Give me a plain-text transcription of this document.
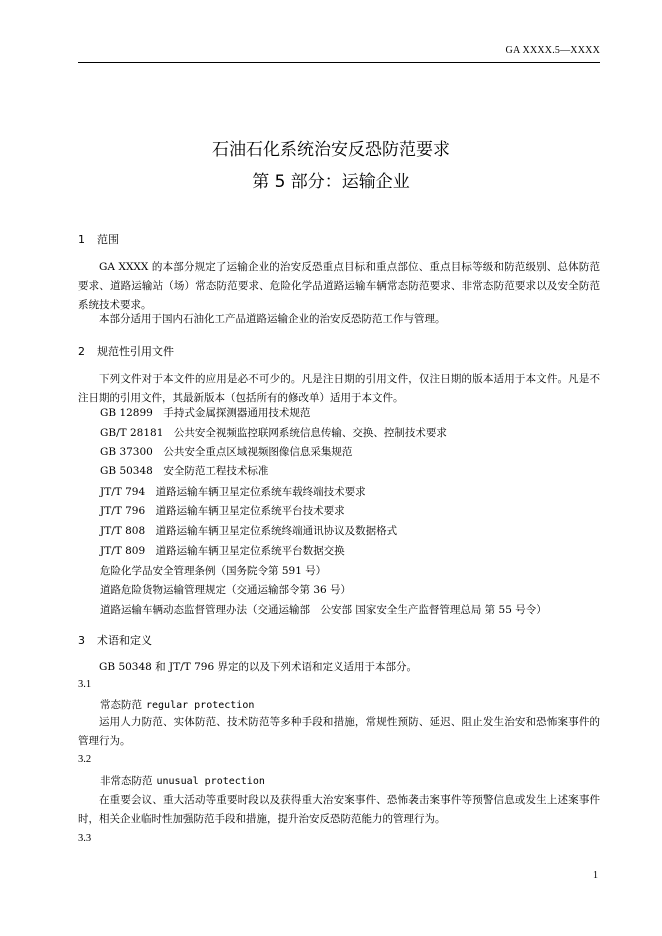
GA XXXX.5—XXXX
石油石化系统治安反恐防范要求
第 5 部分：运输企业
1 范围
GA XXXX 的本部分规定了运输企业的治安反恐重点目标和重点部位、重点目标等级和防范级别、总体防范要求、道路运输站（场）常态防范要求、危险化学品道路运输车辆常态防范要求、非常态防范要求以及安全防范系统技术要求。
本部分适用于国内石油化工产品道路运输企业的治安反恐防范工作与管理。
2 规范性引用文件
下列文件对于本文件的应用是必不可少的。凡是注日期的引用文件，仅注日期的版本适用于本文件。凡是不注日期的引用文件，其最新版本（包括所有的修改单）适用于本文件。
GB 12899　手持式金属探测器通用技术规范
GB/T 28181　公共安全视频监控联网系统信息传输、交换、控制技术要求
GB 37300　公共安全重点区域视频图像信息采集规范
GB 50348　安全防范工程技术标准
JT/T 794　道路运输车辆卫星定位系统车载终端技术要求
JT/T 796　道路运输车辆卫星定位系统平台技术要求
JT/T 808　道路运输车辆卫星定位系统终端通讯协议及数据格式
JT/T 809　道路运输车辆卫星定位系统平台数据交换
危险化学品安全管理条例（国务院令第 591 号）
道路危险货物运输管理规定（交通运输部令第 36 号）
道路运输车辆动态监督管理办法（交通运输部　公安部 国家安全生产监督管理总局 第 55 号令）
3 术语和定义
GB 50348 和 JT/T 796 界定的以及下列术语和定义适用于本部分。
3.1
常态防范 regular protection
运用人力防范、实体防范、技术防范等多种手段和措施，常规性预防、延迟、阻止发生治安和恐怖案事件的管理行为。
3.2
非常态防范 unusual protection
在重要会议、重大活动等重要时段以及获得重大治安案事件、恐怖袭击案事件等预警信息或发生上述案事件时，相关企业临时性加强防范手段和措施，提升治安反恐防范能力的管理行为。
3.3
1
